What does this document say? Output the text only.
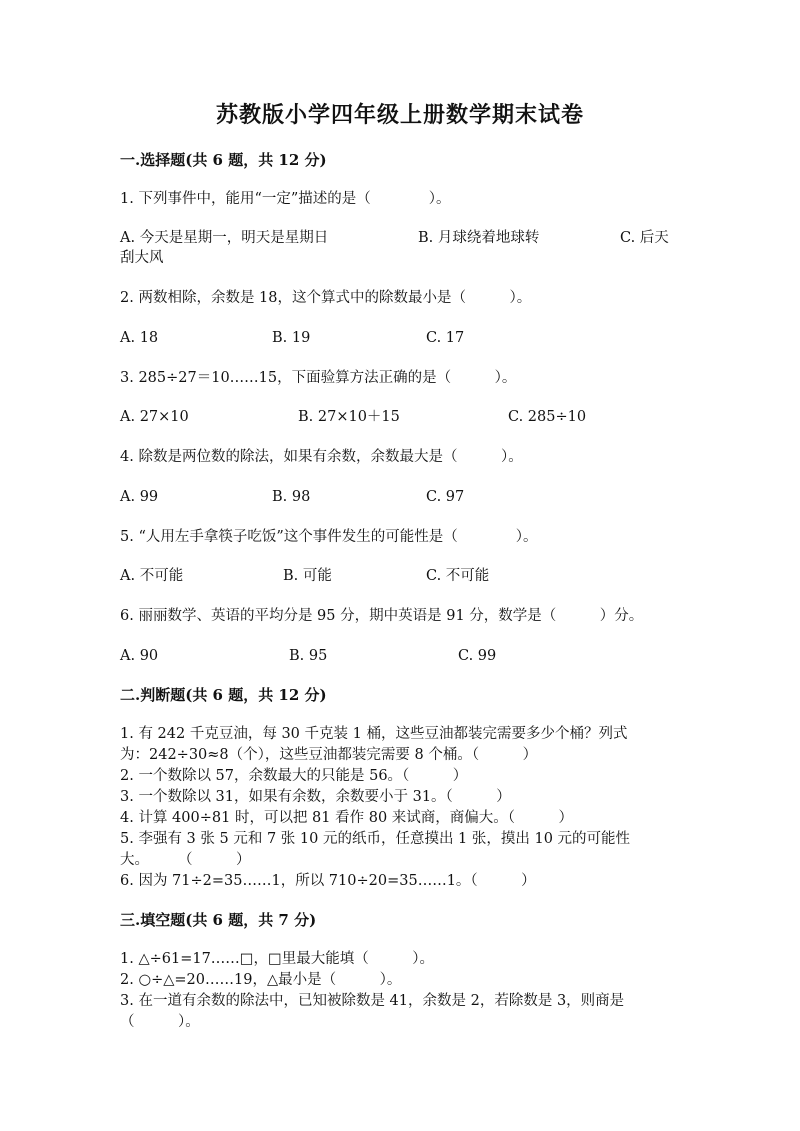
苏教版小学四年级上册数学期末试卷
一.选择题(共 6 题，共 12 分)
1. 下列事件中，能用“一定”描述的是（　　　　）。
A. 今天是星期一，明天是星期日	B. 月球绕着地球转	C. 后天
刮大风
2. 两数相除，余数是 18，这个算式中的除数最小是（　　　）。
A. 18	B. 19	C. 17
3. 285÷27＝10……15，下面验算方法正确的是（　　　）。
A. 27×10	B. 27×10＋15	C. 285÷10
4. 除数是两位数的除法，如果有余数，余数最大是（　　　）。
A. 99	B. 98	C. 97
5. “人用左手拿筷子吃饭”这个事件发生的可能性是（　　　　）。
A. 不可能	B. 可能	C. 不可能
6. 丽丽数学、英语的平均分是 95 分，期中英语是 91 分，数学是（　　　）分。
A. 90	B. 95	C. 99
二.判断题(共 6 题，共 12 分)
1. 有 242 千克豆油，每 30 千克装 1 桶，这些豆油都装完需要多少个桶？列式
为：242÷30≈8（个），这些豆油都装完需要 8 个桶。（　　　）
2. 一个数除以 57，余数最大的只能是 56。（　　　）
3. 一个数除以 31，如果有余数，余数要小于 31。（　　　）
4. 计算 400÷81 时，可以把 81 看作 80 来试商，商偏大。（　　　）
5. 李强有 3 张 5 元和 7 张 10 元的纸币，任意摸出 1 张，摸出 10 元的可能性
大。　　　（　　　）
6. 因为 71÷2=35……1，所以 710÷20=35……1。（　　　）
三.填空题(共 6 题，共 7 分)
1. △÷61=17……□，□里最大能填（　　　）。
2. ○÷△=20……19，△最小是（　　　）。
3. 在一道有余数的除法中，已知被除数是 41，余数是 2，若除数是 3，则商是
（　　　）。
